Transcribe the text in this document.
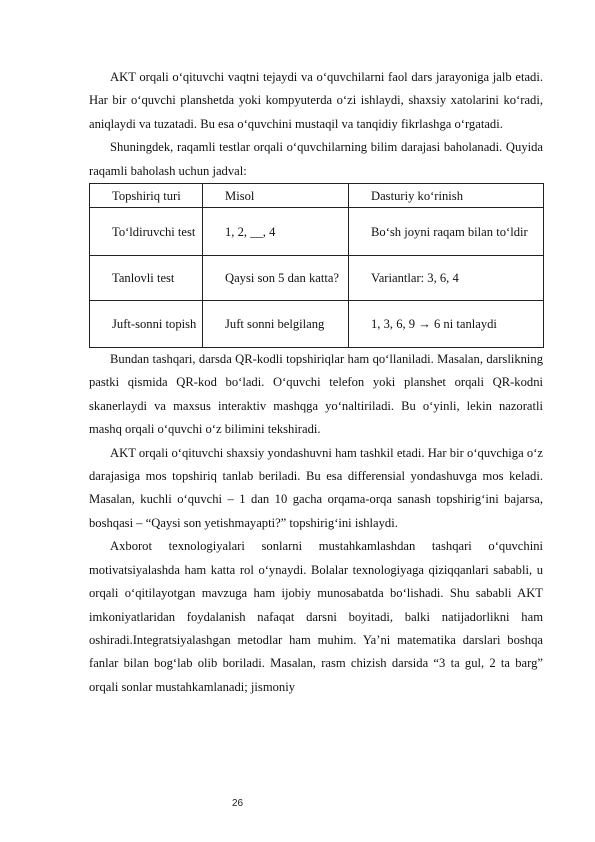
AKT orqali o‘qituvchi vaqtni tejaydi va o‘quvchilarni faol dars jarayoniga jalb etadi. Har bir o‘quvchi planshetda yoki kompyuterda o‘zi ishlaydi, shaxsiy xatolarini ko‘radi, aniqlaydi va tuzatadi. Bu esa o‘quvchini mustaqil va tanqidiy fikrlashga o‘rgatadi.

Shuningdek, raqamli testlar orqali o‘quvchilarning bilim darajasi baholanadi. Quyida raqamli baholash uchun jadval:

Topshiriq turi	Misol	Dasturiy ko‘rinish
To‘ldiruvchi test	1, 2, __, 4	Bo‘sh joyni raqam bilan to‘ldir
Tanlovli test	Qaysi son 5 dan katta?	Variantlar: 3, 6, 4
Juft-sonni topish	Juft sonni belgilang	1, 3, 6, 9 → 6 ni tanlaydi

Bundan tashqari, darsda QR-kodli topshiriqlar ham qo‘llaniladi. Masalan, darslikning pastki qismida QR-kod bo‘ladi. O‘quvchi telefon yoki planshet orqali QR-kodni skanerlaydi va maxsus interaktiv mashqga yo‘naltiriladi. Bu o‘yinli, lekin nazoratli mashq orqali o‘quvchi o‘z bilimini tekshiradi.

AKT orqali o‘qituvchi shaxsiy yondashuvni ham tashkil etadi. Har bir o‘quvchiga o‘z darajasiga mos topshiriq tanlab beriladi. Bu esa differensial yondashuvga mos keladi. Masalan, kuchli o‘quvchi – 1 dan 10 gacha orqama-orqa sanash topshirig‘ini bajarsa, boshqasi – “Qaysi son yetishmayapti?” topshirig‘ini ishlaydi.

Axborot texnologiyalari sonlarni mustahkamlashdan tashqari o‘quvchini motivatsiyalashda ham katta rol o‘ynaydi. Bolalar texnologiyaga qiziqqanlari sababli, u orqali o‘qitilayotgan mavzuga ham ijobiy munosabatda bo‘lishadi. Shu sababli AKT imkoniyatlaridan foydalanish nafaqat darsni boyitadi, balki natijadorlikni ham oshiradi.Integratsiyalashgan metodlar ham muhim. Ya’ni matematika darslari boshqa fanlar bilan bog‘lab olib boriladi. Masalan, rasm chizish darsida “3 ta gul, 2 ta barg” orqali sonlar mustahkamlanadi; jismoniy

26
